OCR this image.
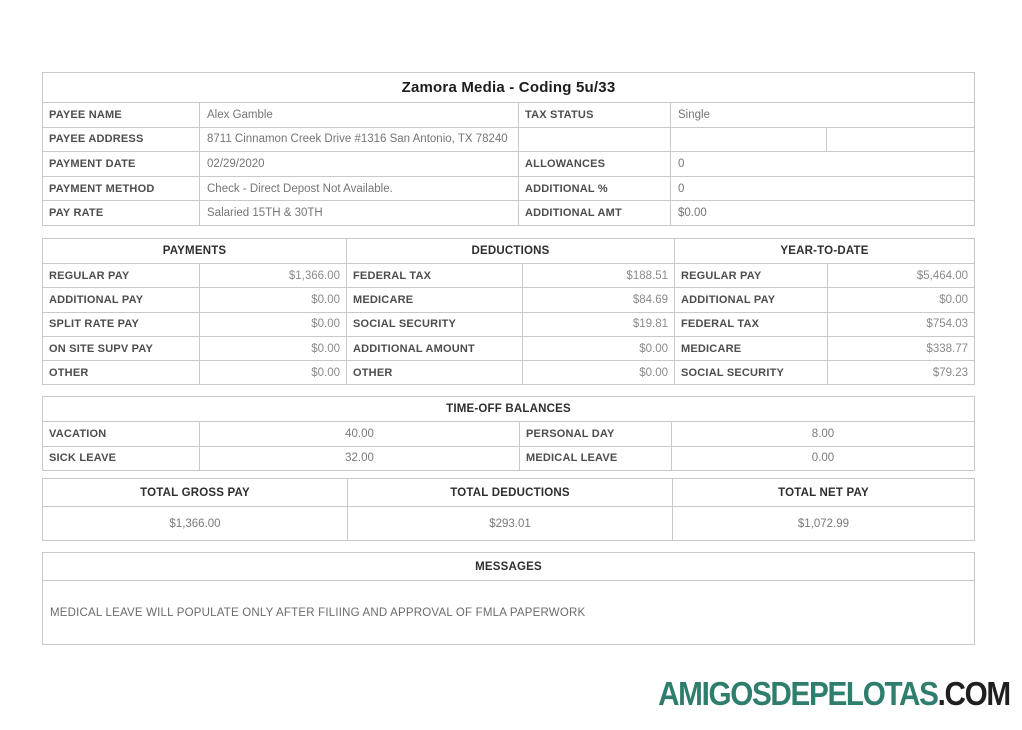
Zamora Media - Coding 5u/33
PAYEE NAME	Alex Gamble	TAX STATUS	Single
PAYEE ADDRESS	8711 Cinnamon Creek Drive #1316 San Antonio, TX 78240
PAYMENT DATE	02/29/2020	ALLOWANCES	0
PAYMENT METHOD	Check - Direct Depost Not Available.	ADDITIONAL %	0
PAY RATE	Salaried 15TH & 30TH	ADDITIONAL AMT	$0.00
PAYMENTS	DEDUCTIONS	YEAR-TO-DATE
REGULAR PAY	$1,366.00	FEDERAL TAX	$188.51	REGULAR PAY	$5,464.00
ADDITIONAL PAY	$0.00	MEDICARE	$84.69	ADDITIONAL PAY	$0.00
SPLIT RATE PAY	$0.00	SOCIAL SECURITY	$19.81	FEDERAL TAX	$754.03
ON SITE SUPV PAY	$0.00	ADDITIONAL AMOUNT	$0.00	MEDICARE	$338.77
OTHER	$0.00	OTHER	$0.00	SOCIAL SECURITY	$79.23
TIME-OFF BALANCES
VACATION	40.00	PERSONAL DAY	8.00
SICK LEAVE	32.00	MEDICAL LEAVE	0.00
TOTAL GROSS PAY	TOTAL DEDUCTIONS	TOTAL NET PAY
$1,366.00	$293.01	$1,072.99
MESSAGES
MEDICAL LEAVE WILL POPULATE ONLY AFTER FILIING AND APPROVAL OF FMLA PAPERWORK
AMIGOSDEPELOTAS .COM
